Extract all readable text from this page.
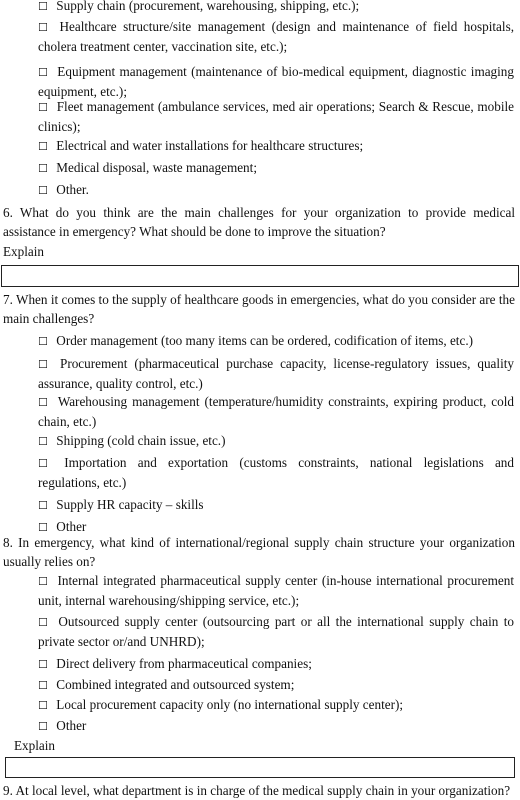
☐ Supply chain (procurement, warehousing, shipping, etc.);
☐ Healthcare structure/site management (design and maintenance of field hospitals, cholera treatment center, vaccination site, etc.);
☐ Equipment management (maintenance of bio-medical equipment, diagnostic imaging equipment, etc.);
☐ Fleet management (ambulance services, med air operations; Search & Rescue, mobile clinics);
☐ Electrical and water installations for healthcare structures;
☐ Medical disposal, waste management;
☐ Other.
6. What do you think are the main challenges for your organization to provide medical assistance in emergency? What should be done to improve the situation?
Explain
7. When it comes to the supply of healthcare goods in emergencies, what do you consider are the main challenges?
☐ Order management (too many items can be ordered, codification of items, etc.)
☐ Procurement (pharmaceutical purchase capacity, license-regulatory issues, quality assurance, quality control, etc.)
☐ Warehousing management (temperature/humidity constraints, expiring product, cold chain, etc.)
☐ Shipping (cold chain issue, etc.)
☐ Importation and exportation (customs constraints, national legislations and regulations, etc.)
☐ Supply HR capacity – skills
☐ Other
8. In emergency, what kind of international/regional supply chain structure your organization usually relies on?
☐ Internal integrated pharmaceutical supply center (in-house international procurement unit, internal warehousing/shipping service, etc.);
☐ Outsourced supply center (outsourcing part or all the international supply chain to private sector or/and UNHRD);
☐ Direct delivery from pharmaceutical companies;
☐ Combined integrated and outsourced system;
☐ Local procurement capacity only (no international supply center);
☐ Other
Explain
9. At local level, what department is in charge of the medical supply chain in your organization?
